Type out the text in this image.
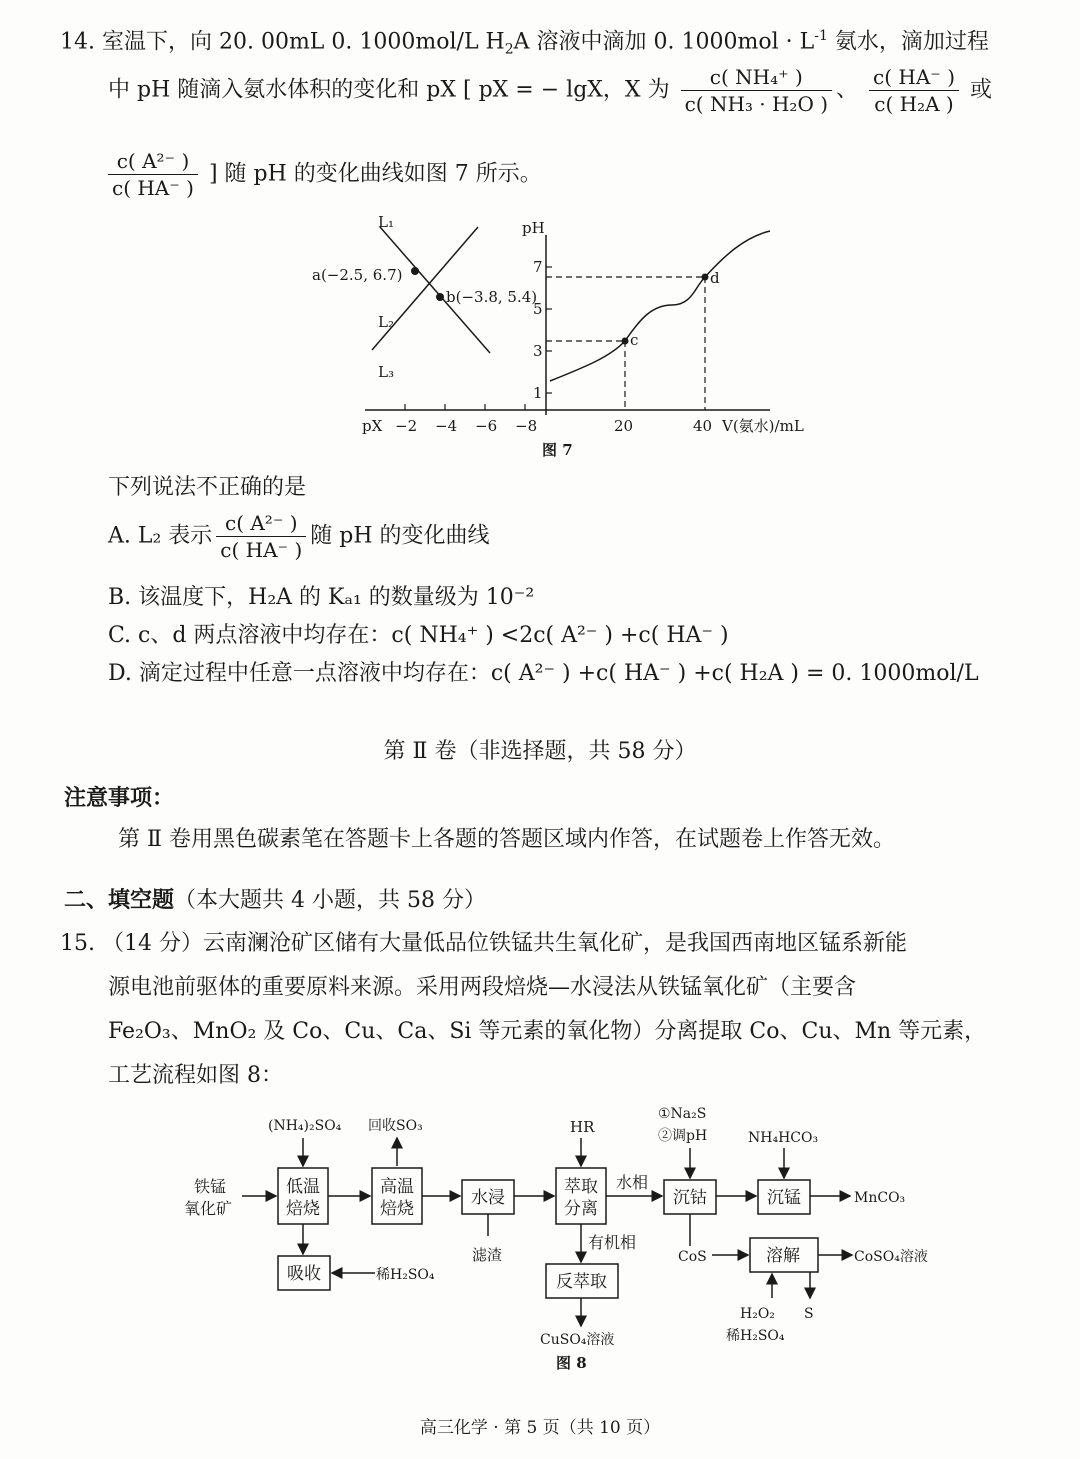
14. 室温下，向 20. 00mL 0. 1000mol/L $H_2A$ 溶液中滴加 0. $1000mol \cdot L^{-1}$ 氨水，滴加过程
中 pH 随滴入氨水体积的变化和 pX [ pX = − lgX，X 为 $\frac{\text{c( NH₄⁺ )}}{\text{c( NH₃ · H₂O )}}$ 、 $\frac{c( HA^- )}{\text{c( H₂A )}}$ 或
$\frac{\text{c( A²⁻ )}}{c( HA^- )}$ ] 随 pH 的变化曲线如图 7 所示。
pX −2 −4 −6 −8
L₁
L₂
L₃
a(−2.5, 6.7)
b(−3.8, 5.4)
pH
7
5
3
1
c
d
20	40 V(氨水)/mL
图 7
下列说法不正确的是
A. L₂ 表示 $\frac{\text{c( A²⁻ )}}{c( HA^- )}$ 随 pH 的变化曲线
B. 该温度下，H₂A 的 Kₐ₁ 的数量级为 10⁻²
C. c、d 两点溶液中均存在：c( NH₄⁺ ) <2c( A²⁻ ) +c( HA⁻ )
D. 滴定过程中任意一点溶液中均存在：c( A²⁻ ) +c( HA⁻ ) +c( H₂A ) = 0. 1000mol/L
第 Ⅱ 卷（非选择题，共 58 分）
注意事项：
第 Ⅱ 卷用黑色碳素笔在答题卡上各题的答题区域内作答，在试题卷上作答无效。
二、填空题（本大题共 4 小题，共 58 分）
15. （14 分）云南澜沧矿区储有大量低品位铁锰共生氧化矿，是我国西南地区锰系新能
源电池前驱体的重要原料来源。采用两段焙烧—水浸法从铁锰氧化矿（主要含
Fe₂O₃、MnO₂ 及 Co、Cu、Ca、Si 等元素的氧化物）分离提取 Co、Cu、Mn 等元素，
工艺流程如图 8：
铁锰
氧化矿
低温
焙烧
高温
焙烧
水浸
萃取
分离
沉钴	沉锰
吸收	反萃取
溶解
(NH₄)₂SO₄ 回收SO₃	HR
①Na₂S
②调pH	NH₄HCO₃
水相
有机相
滤渣
稀H₂SO₄
MnCO₃
CoS	CoSO₄溶液
CuSO₄溶液
H₂O₂
稀H₂SO₄
S
图 8
高三化学 · 第 5 页（共 10 页）
